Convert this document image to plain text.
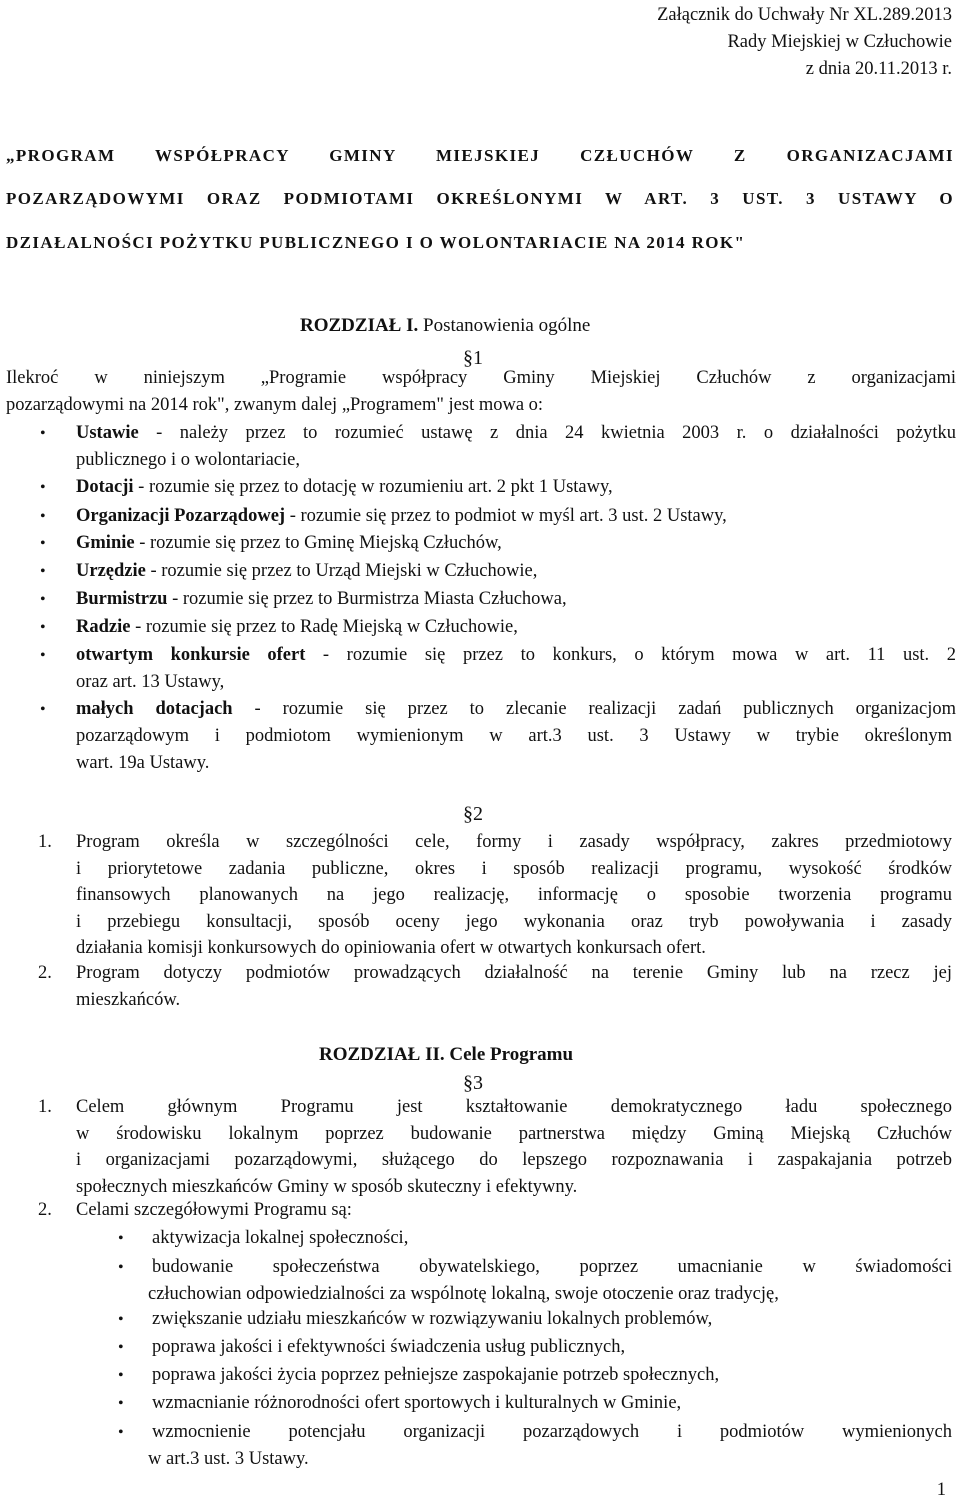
Załącznik do Uchwały Nr XL.289.2013
Rady Miejskiej w Człuchowie
z dnia 20.11.2013 r.
„PROGRAM WSPÓŁPRACY GMINY MIEJSKIEJ CZŁUCHÓW Z ORGANIZACJAMI
POZARZĄDOWYMI ORAZ PODMIOTAMI OKREŚLONYMI W ART. 3 UST. 3 USTAWY O
DZIAŁALNOŚCI POŻYTKU PUBLICZNEGO I O WOLONTARIACIE NA 2014 ROK"
ROZDZIAŁ I. Postanowienia ogólne
§1
Ilekroć w niniejszym „Programie współpracy Gminy Miejskiej Człuchów z organizacjami
pozarządowymi na 2014 rok", zwanym dalej „Programem" jest mowa o:
• Ustawie - należy przez to rozumieć ustawę z dnia 24 kwietnia 2003 r. o działalności pożytku
publicznego i o wolontariacie,
• Dotacji - rozumie się przez to dotację w rozumieniu art. 2 pkt 1 Ustawy,
• Organizacji Pozarządowej - rozumie się przez to podmiot w myśl art. 3 ust. 2 Ustawy,
• Gminie - rozumie się przez to Gminę Miejską Człuchów,
• Urzędzie - rozumie się przez to Urząd Miejski w Człuchowie,
• Burmistrzu - rozumie się przez to Burmistrza Miasta Człuchowa,
• Radzie - rozumie się przez to Radę Miejską w Człuchowie,
• otwartym konkursie ofert - rozumie się przez to konkurs, o którym mowa w art. 11 ust. 2
oraz art. 13 Ustawy,
• małych dotacjach - rozumie się przez to zlecanie realizacji zadań publicznych organizacjom
pozarządowym i podmiotom wymienionym w art.3 ust. 3 Ustawy w trybie określonym
wart. 19a Ustawy.
§2
1. Program określa w szczególności cele, formy i zasady współpracy, zakres przedmiotowy
i priorytetowe zadania publiczne, okres i sposób realizacji programu, wysokość środków
finansowych planowanych na jego realizację, informację o sposobie tworzenia programu
i przebiegu konsultacji, sposób oceny jego wykonania oraz tryb powoływania i zasady
działania komisji konkursowych do opiniowania ofert w otwartych konkursach ofert.
2. Program dotyczy podmiotów prowadzących działalność na terenie Gminy lub na rzecz jej
mieszkańców.
ROZDZIAŁ II. Cele Programu
§3
1. Celem głównym Programu jest kształtowanie demokratycznego ładu społecznego
w środowisku lokalnym poprzez budowanie partnerstwa między Gminą Miejską Człuchów
i organizacjami pozarządowymi, służącego do lepszego rozpoznawania i zaspakajania potrzeb
społecznych mieszkańców Gminy w sposób skuteczny i efektywny.
2. Celami szczegółowymi Programu są:
• aktywizacja lokalnej społeczności,
• budowanie społeczeństwa obywatelskiego, poprzez umacnianie w świadomości
człuchowian odpowiedzialności za wspólnotę lokalną, swoje otoczenie oraz tradycję,
• zwiększanie udziału mieszkańców w rozwiązywaniu lokalnych problemów,
• poprawa jakości i efektywności świadczenia usług publicznych,
• poprawa jakości życia poprzez pełniejsze zaspokajanie potrzeb społecznych,
• wzmacnianie różnorodności ofert sportowych i kulturalnych w Gminie,
• wzmocnienie potencjału organizacji pozarządowych i podmiotów wymienionych
w art.3 ust. 3 Ustawy.
1
